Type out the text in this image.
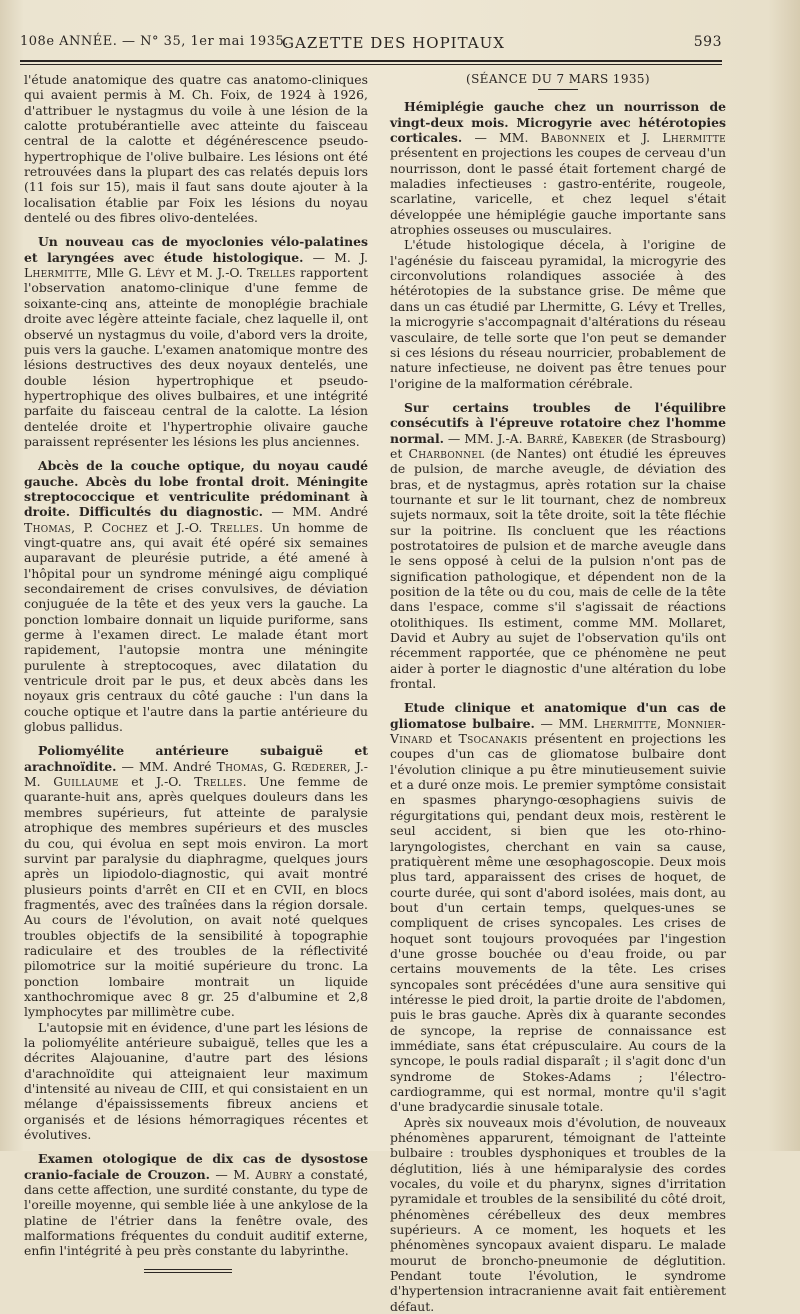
108e ANNÉE. — N° 35, 1er mai 1935.
GAZETTE DES HOPITAUX	593

l'étude anatomique des quatre cas anatomo-cliniques qui avaient permis à M. Ch. Foix, de 1924 à 1926, d'attribuer le nystagmus du voile à une lésion de la calotte protubérantielle avec atteinte du faisceau central de la calotte et dégénérescence pseudo-hypertrophique de l'olive bulbaire. Les lésions ont été retrouvées dans la plupart des cas relatés depuis lors (11 fois sur 15), mais il faut sans doute ajouter à la localisation établie par Foix les lésions du noyau dentelé ou des fibres olivo-dentelées.

Un nouveau cas de myoclonies vélo-palatines et laryngées avec étude histologique. — M. J. Lhermitte, Mlle G. Lévy et M. J.-O. Trelles rapportent l'observation anatomo-clinique d'une femme de soixante-cinq ans, atteinte de monoplégie brachiale droite avec légère atteinte faciale, chez laquelle il, ont observé un nystagmus du voile, d'abord vers la droite, puis vers la gauche. L'examen anatomique montre des lésions destructives des deux noyaux dentelés, une double lésion hypertrophique et pseudo-hypertrophique des olives bulbaires, et une intégrité parfaite du faisceau central de la calotte. La lésion dentelée droite et l'hypertrophie olivaire gauche paraissent représenter les lésions les plus anciennes.

Abcès de la couche optique, du noyau caudé gauche. Abcès du lobe frontal droit. Méningite streptococcique et ventriculite prédominant à droite. Difficultés du diagnostic. — MM. André Thomas, P. Cochez et J.-O. Trelles. Un homme de vingt-quatre ans, qui avait été opéré six semaines auparavant de pleurésie putride, a été amené à l'hôpital pour un syndrome méningé aigu compliqué secondairement de crises convulsives, de déviation conjuguée de la tête et des yeux vers la gauche. La ponction lombaire donnait un liquide puriforme, sans germe à l'examen direct. Le malade étant mort rapidement, l'autopsie montra une méningite purulente à streptocoques, avec dilatation du ventricule droit par le pus, et deux abcès dans les noyaux gris centraux du côté gauche : l'un dans la couche optique et l'autre dans la partie antérieure du globus pallidus.

Poliomyélite antérieure subaiguë et arachnoïdite. — MM. André Thomas, G. Rœderer, J.-M. Guillaume et J.-O. Trelles. Une femme de quarante-huit ans, après quelques douleurs dans les membres supérieurs, fut atteinte de paralysie atrophique des membres supérieurs et des muscles du cou, qui évolua en sept mois environ. La mort survint par paralysie du diaphragme, quelques jours après un lipiodolo-diagnostic, qui avait montré plusieurs points d'arrêt en CII et en CVII, en blocs fragmentés, avec des traînées dans la région dorsale. Au cours de l'évolution, on avait noté quelques troubles objectifs de la sensibilité à topographie radiculaire et des troubles de la réflectivité pilomotrice sur la moitié supérieure du tronc. La ponction lombaire montrait un liquide xanthochromique avec 8 gr. 25 d'albumine et 2,8 lymphocytes par millimètre cube.

L'autopsie mit en évidence, d'une part les lésions de la poliomyélite antérieure subaiguë, telles que les a décrites Alajouanine, d'autre part des lésions d'arachnoïdite qui atteignaient leur maximum d'intensité au niveau de CIII, et qui consistaient en un mélange d'épaississements fibreux anciens et organisés et de lésions hémorragiques récentes et évolutives.

Examen otologique de dix cas de dysostose cranio-faciale de Crouzon. — M. Aubry a constaté, dans cette affection, une surdité constante, du type de l'oreille moyenne, qui semble liée à une ankylose de la platine de l'étrier dans la fenêtre ovale, des malformations fréquentes du conduit auditif externe, enfin l'intégrité à peu près constante du labyrinthe.

(SÉANCE DU 7 MARS 1935)

Hémiplégie gauche chez un nourrisson de vingt-deux mois. Microgyrie avec hétérotopies corticales. — MM. Babonneix et J. Lhermitte présentent en projections les coupes de cerveau d'un nourrisson, dont le passé était fortement chargé de maladies infectieuses : gastro-entérite, rougeole, scarlatine, varicelle, et chez lequel s'était développée une hémiplégie gauche importante sans atrophies osseuses ou musculaires.

L'étude histologique décela, à l'origine de l'agénésie du faisceau pyramidal, la microgyrie des circonvolutions rolandiques associée à des hétérotopies de la substance grise. De même que dans un cas étudié par Lhermitte, G. Lévy et Trelles, la microgyrie s'accompagnait d'altérations du réseau vasculaire, de telle sorte que l'on peut se demander si ces lésions du réseau nourricier, probablement de nature infectieuse, ne doivent pas être tenues pour l'origine de la malformation cérébrale.

Sur certains troubles de l'équilibre consécutifs à l'épreuve rotatoire chez l'homme normal. — MM. J.-A. Barré, Kabeker (de Strasbourg) et Charbonnel (de Nantes) ont étudié les épreuves de pulsion, de marche aveugle, de déviation des bras, et de nystagmus, après rotation sur la chaise tournante et sur le lit tournant, chez de nombreux sujets normaux, soit la tête droite, soit la tête fléchie sur la poitrine. Ils concluent que les réactions postrotatoires de pulsion et de marche aveugle dans le sens opposé à celui de la pulsion n'ont pas de signification pathologique, et dépendent non de la position de la tête ou du cou, mais de celle de la tête dans l'espace, comme s'il s'agissait de réactions otolithiques. Ils estiment, comme MM. Mollaret, David et Aubry au sujet de l'observation qu'ils ont récemment rapportée, que ce phénomène ne peut aider à porter le diagnostic d'une altération du lobe frontal.

Etude clinique et anatomique d'un cas de gliomatose bulbaire. — MM. Lhermitte, Monnier-Vinard et Tsocanakis présentent en projections les coupes d'un cas de gliomatose bulbaire dont l'évolution clinique a pu être minutieusement suivie et a duré onze mois. Le premier symptôme consistait en spasmes pharyngo-œsophagiens suivis de régurgitations qui, pendant deux mois, restèrent le seul accident, si bien que les oto-rhino-laryngologistes, cherchant en vain sa cause, pratiquèrent même une œsophagoscopie. Deux mois plus tard, apparaissent des crises de hoquet, de courte durée, qui sont d'abord isolées, mais dont, au bout d'un certain temps, quelques-unes se compliquent de crises syncopales. Les crises de hoquet sont toujours provoquées par l'ingestion d'une grosse bouchée ou d'eau froide, ou par certains mouvements de la tête. Les crises syncopales sont précédées d'une aura sensitive qui intéresse le pied droit, la partie droite de l'abdomen, puis le bras gauche. Après dix à quarante secondes de syncope, la reprise de connaissance est immédiate, sans état crépusculaire. Au cours de la syncope, le pouls radial disparaît ; il s'agit donc d'un syndrome de Stokes-Adams ; l'électro-cardiogramme, qui est normal, montre qu'il s'agit d'une bradycardie sinusale totale.

Après six nouveaux mois d'évolution, de nouveaux phénomènes apparurent, témoignant de l'atteinte bulbaire : troubles dysphoniques et troubles de la déglutition, liés à une hémiparalysie des cordes vocales, du voile et du pharynx, signes d'irritation pyramidale et troubles de la sensibilité du côté droit, phénomènes cérébelleux des deux membres supérieurs. A ce moment, les hoquets et les phénomènes syncopaux avaient disparu. Le malade mourut de broncho-pneumonie de déglutition. Pendant toute l'évolution, le syndrome d'hypertension intracranienne avait fait entièrement défaut.
